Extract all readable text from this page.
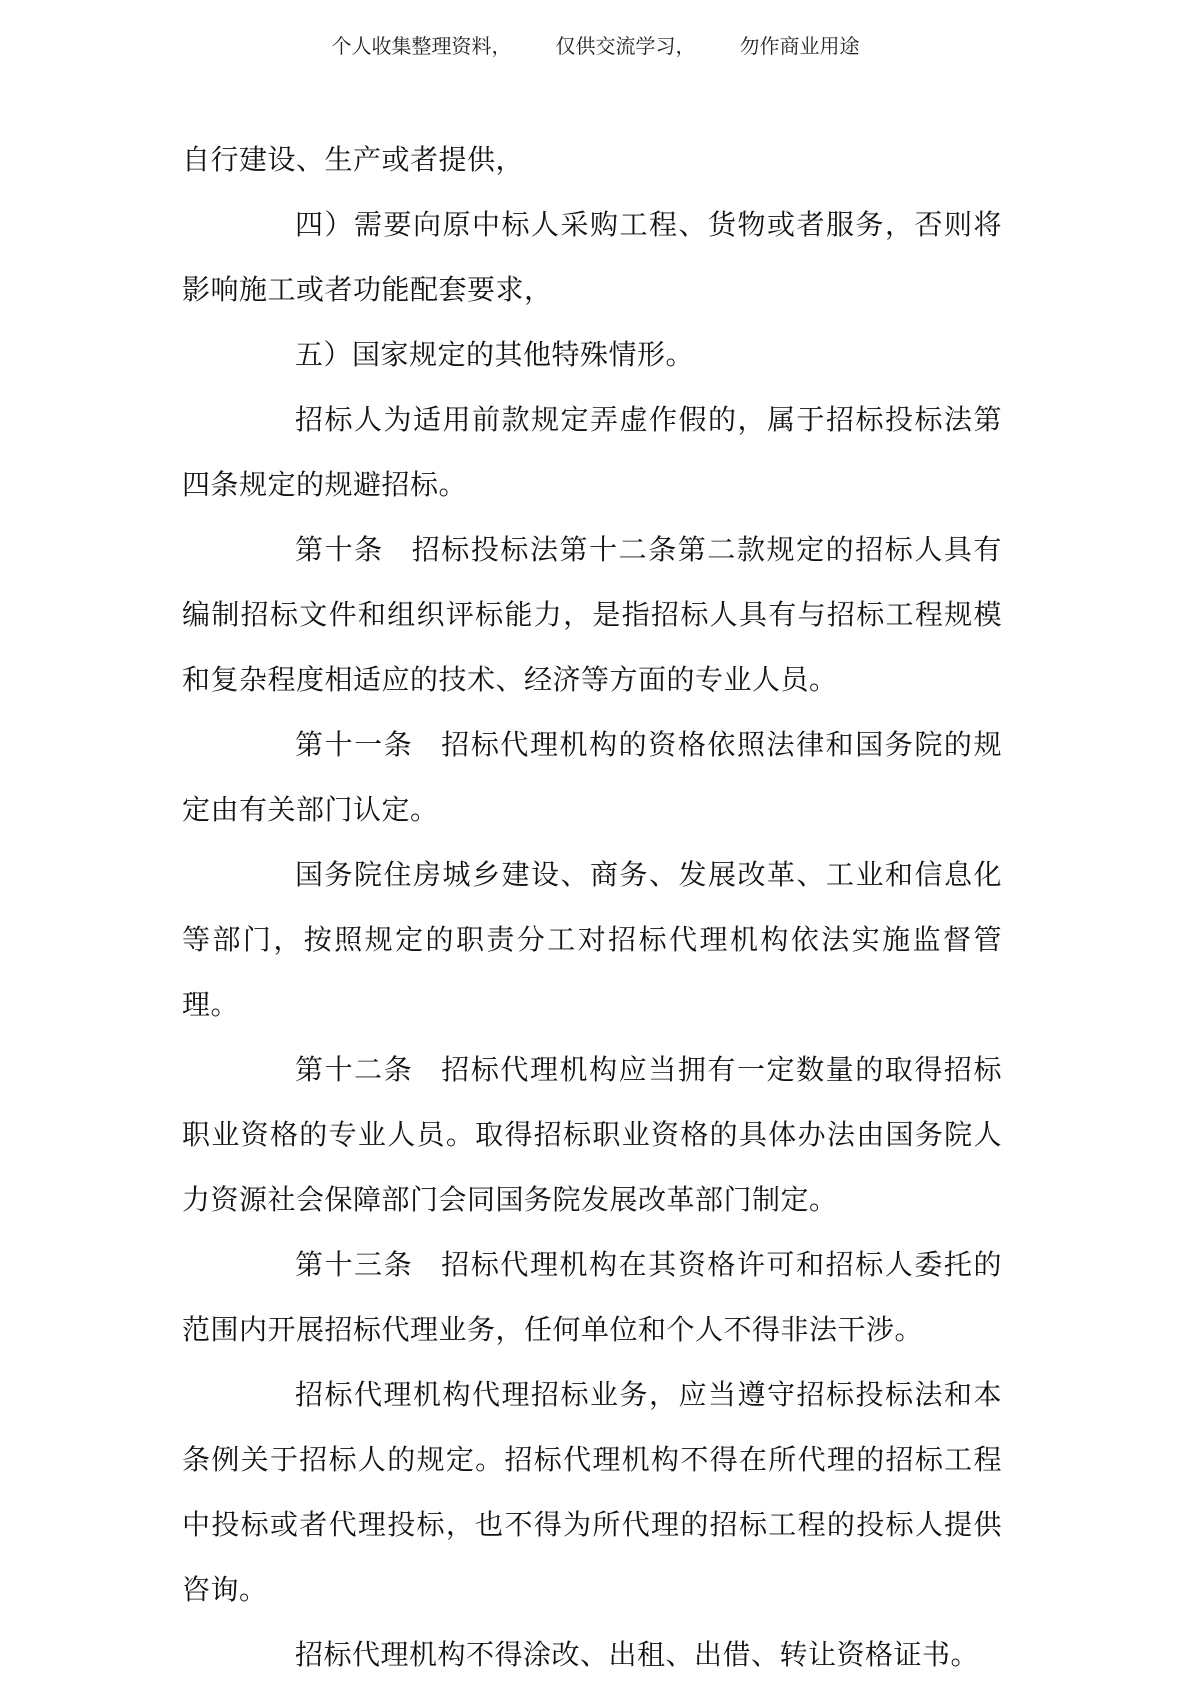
个人收集整理资料， 仅供交流学习， 勿作商业用途

自行建设、生产或者提供，

四）需要向原中标人采购工程、货物或者服务，否则将影响施工或者功能配套要求，

五）国家规定的其他特殊情形。

招标人为适用前款规定弄虚作假的，属于招标投标法第四条规定的规避招标。

第十条 招标投标法第十二条第二款规定的招标人具有编制招标文件和组织评标能力，是指招标人具有与招标工程规模和复杂程度相适应的技术、经济等方面的专业人员。

第十一条 招标代理机构的资格依照法律和国务院的规定由有关部门认定。

国务院住房城乡建设、商务、发展改革、工业和信息化等部门，按照规定的职责分工对招标代理机构依法实施监督管理。

第十二条 招标代理机构应当拥有一定数量的取得招标职业资格的专业人员。取得招标职业资格的具体办法由国务院人力资源社会保障部门会同国务院发展改革部门制定。

第十三条 招标代理机构在其资格许可和招标人委托的范围内开展招标代理业务，任何单位和个人不得非法干涉。

招标代理机构代理招标业务，应当遵守招标投标法和本条例关于招标人的规定。招标代理机构不得在所代理的招标工程中投标或者代理投标，也不得为所代理的招标工程的投标人提供咨询。

招标代理机构不得涂改、出租、出借、转让资格证书。
